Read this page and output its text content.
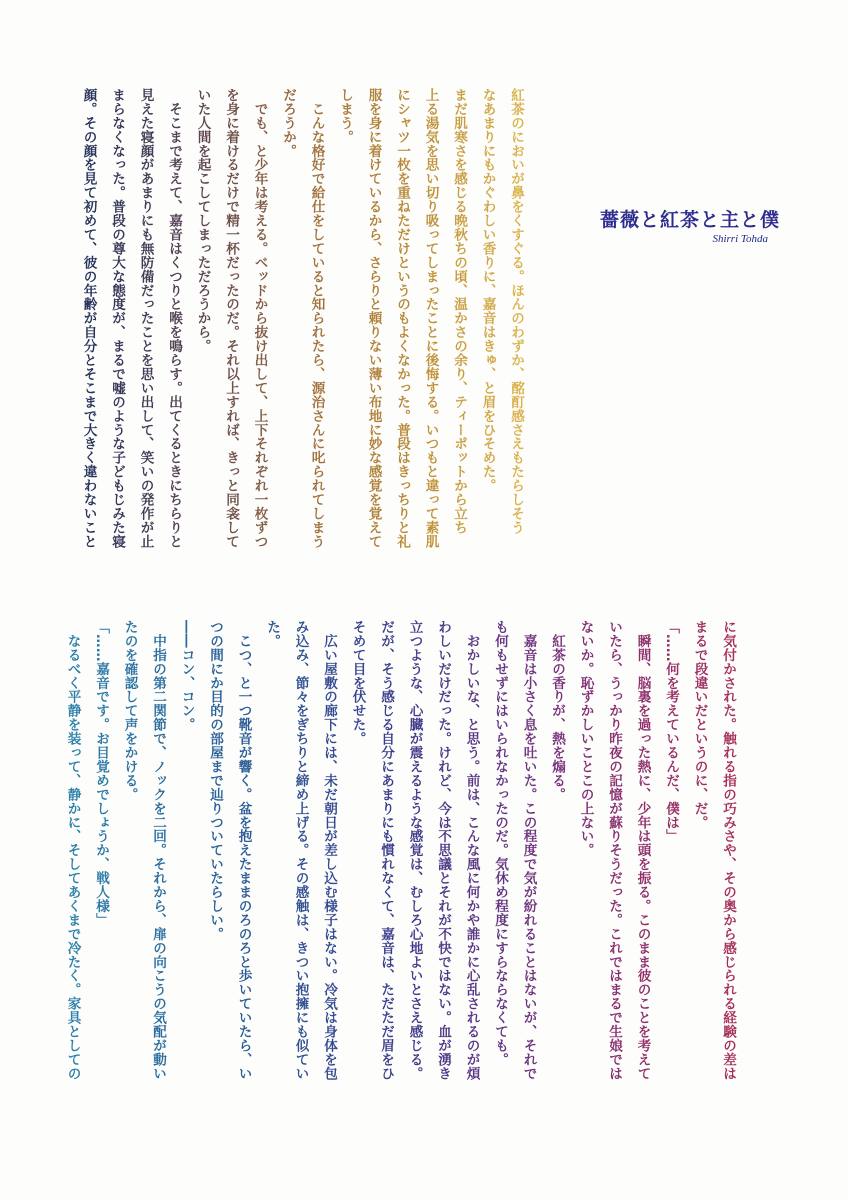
薔薇と紅茶と主と僕
Shirri Tohda

紅茶のにおいが鼻をくすぐる。ほんのわずか、酩酊感さえもたらしそう

なあまりにもかぐわしい香りに、嘉音はきゅ、と眉をひそめた。

まだ肌寒さを感じる晩秋ちの頃、温かさの余り、ティーポットから立ち

上る湯気を思い切り吸ってしまったことに後悔する。いつもと違って素肌

にシャツ一枚を重ねただけというのもよくなかった。普段はきっちりと礼

服を身に着けているから、さらりと頼りない薄い布地に妙な感覚を覚えて

しまう。

　こんな格好で給仕をしていると知られたら、源治さんに叱られてしまう

だろうか。

　でも、と少年は考える。ベッドから抜け出して、上下それぞれ一枚ずつ

を身に着けるだけで精一杯だったのだ。それ以上すれば、きっと同衾して

いた人間を起こしてしまっただろうから。

　そこまで考えて、嘉音はくつりと喉を鳴らす。出てくるときにちらりと

見えた寝顔があまりにも無防備だったことを思い出して、笑いの発作が止

まらなくなった。普段の尊大な態度が、まるで嘘のような子どもじみた寝

顔。その顔を見て初めて、彼の年齢が自分とそこまで大きく違わないこと

に気付かされた。触れる指の巧みさや、その奥から感じられる経験の差は

まるで段違いだというのに、だ。

「……何を考えているんだ、僕は」

　瞬間、脳裏を過った熱に、少年は頭を振る。このまま彼のことを考えて

いたら、うっかり昨夜の記憶が蘇りそうだった。これではまるで生娘では

ないか。恥ずかしいことこの上ない。

　紅茶の香りが、熱を煽る。

　嘉音は小さく息を吐いた。この程度で気が紛れることはないが、それで

も何もせずにはいられなかったのだ。気休め程度にすらならなくても。

　おかしいな、と思う。前は、こんな風に何かや誰かに心乱されるのが煩

わしいだけだった。けれど、今は不思議とそれが不快ではない。血が湧き

立つような、心臓が震えるような感覚は、むしろ心地よいとさえ感じる。

だが、そう感じる自分にあまりにも慣れなくて、嘉音は、ただただ眉をひ

そめて目を伏せた。

　広い屋敷の廊下には、未だ朝日が差し込む様子はない。冷気は身体を包

み込み、節々をぎちりと締め上げる。その感触は、きつい抱擁にも似てい

た。

　こつ、と一つ靴音が響く。盆を抱えたままのろのろと歩いていたら、い

つの間にか目的の部屋まで辿りついていたらしい。

――コン、コン。

　中指の第二関節で、ノックを二回。それから、扉の向こうの気配が動い

たのを確認して声をかける。

「……嘉音です。お目覚めでしょうか、戦人様」

　なるべく平静を装って、静かに、そしてあくまで冷たく。家具としての
